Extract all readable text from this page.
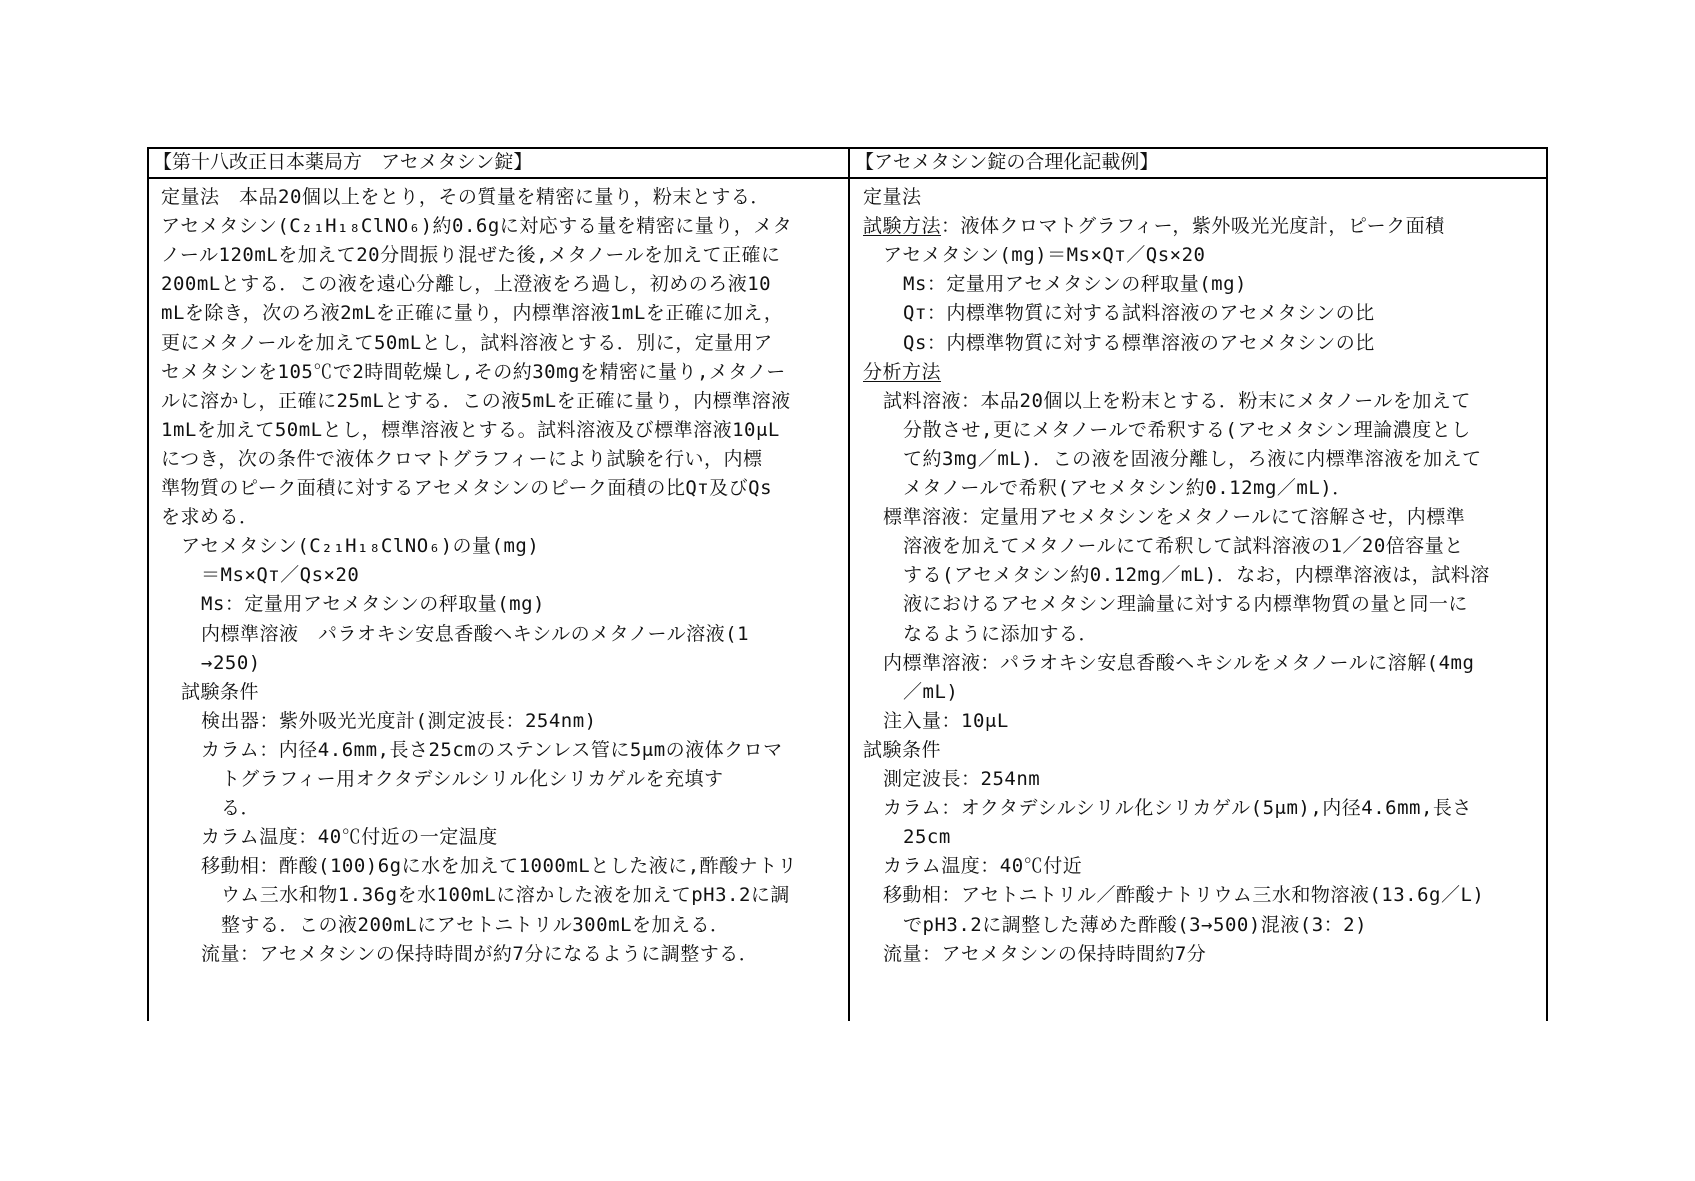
【第十八改正日本薬局方　アセメタシン錠】	【アセメタシン錠の合理化記載例】
定量法　本品20個以上をとり，その質量を精密に量り，粉末とする．
アセメタシン(C₂₁H₁₈ClNO₆)約0.6gに対応する量を精密に量り，メタ
ノール120mLを加えて20分間振り混ぜた後,メタノールを加えて正確に
200mLとする．この液を遠心分離し，上澄液をろ過し，初めのろ液10
mLを除き，次のろ液2mLを正確に量り，内標準溶液1mLを正確に加え，
更にメタノールを加えて50mLとし，試料溶液とする．別に，定量用ア
セメタシンを105℃で2時間乾燥し,その約30mgを精密に量り,メタノー
ルに溶かし，正確に25mLとする．この液5mLを正確に量り，内標準溶液
1mLを加えて50mLとし，標準溶液とする。試料溶液及び標準溶液10μL
につき，次の条件で液体クロマトグラフィーにより試験を行い，内標
準物質のピーク面積に対するアセメタシンのピーク面積の比Qᴛ及びQs
を求める．
アセメタシン(C₂₁H₁₈ClNO₆)の量(mg)
＝Ms×Qᴛ／Qs×20
Ms：定量用アセメタシンの秤取量(mg)
内標準溶液　パラオキシ安息香酸ヘキシルのメタノール溶液(1
→250)
試験条件
検出器：紫外吸光光度計(測定波長：254nm)
カラム：内径4.6mm,長さ25cmのステンレス管に5μmの液体クロマ
トグラフィー用オクタデシルシリル化シリカゲルを充填す
る．
カラム温度：40℃付近の一定温度
移動相：酢酸(100)6gに水を加えて1000mLとした液に,酢酸ナトリ
ウム三水和物1.36gを水100mLに溶かした液を加えてpH3.2に調
整する．この液200mLにアセトニトリル300mLを加える．
流量：アセメタシンの保持時間が約7分になるように調整する．
定量法
試験方法：液体クロマトグラフィー，紫外吸光光度計，ピーク面積
アセメタシン(mg)＝Ms×Qᴛ／Qs×20
Ms：定量用アセメタシンの秤取量(mg)
Qᴛ：内標準物質に対する試料溶液のアセメタシンの比
Qs：内標準物質に対する標準溶液のアセメタシンの比
分析方法
試料溶液：本品20個以上を粉末とする．粉末にメタノールを加えて
分散させ,更にメタノールで希釈する(アセメタシン理論濃度とし
て約3mg／mL)．この液を固液分離し，ろ液に内標準溶液を加えて
メタノールで希釈(アセメタシン約0.12mg／mL)．
標準溶液：定量用アセメタシンをメタノールにて溶解させ，内標準
溶液を加えてメタノールにて希釈して試料溶液の1／20倍容量と
する(アセメタシン約0.12mg／mL)．なお，内標準溶液は，試料溶
液におけるアセメタシン理論量に対する内標準物質の量と同一に
なるように添加する．
内標準溶液：パラオキシ安息香酸ヘキシルをメタノールに溶解(4mg
／mL)
注入量：10μL
試験条件
測定波長：254nm
カラム：オクタデシルシリル化シリカゲル(5μm),内径4.6mm,長さ
25cm
カラム温度：40℃付近
移動相：アセトニトリル／酢酸ナトリウム三水和物溶液(13.6g／L)
でpH3.2に調整した薄めた酢酸(3→500)混液(3：2)
流量：アセメタシンの保持時間約7分
